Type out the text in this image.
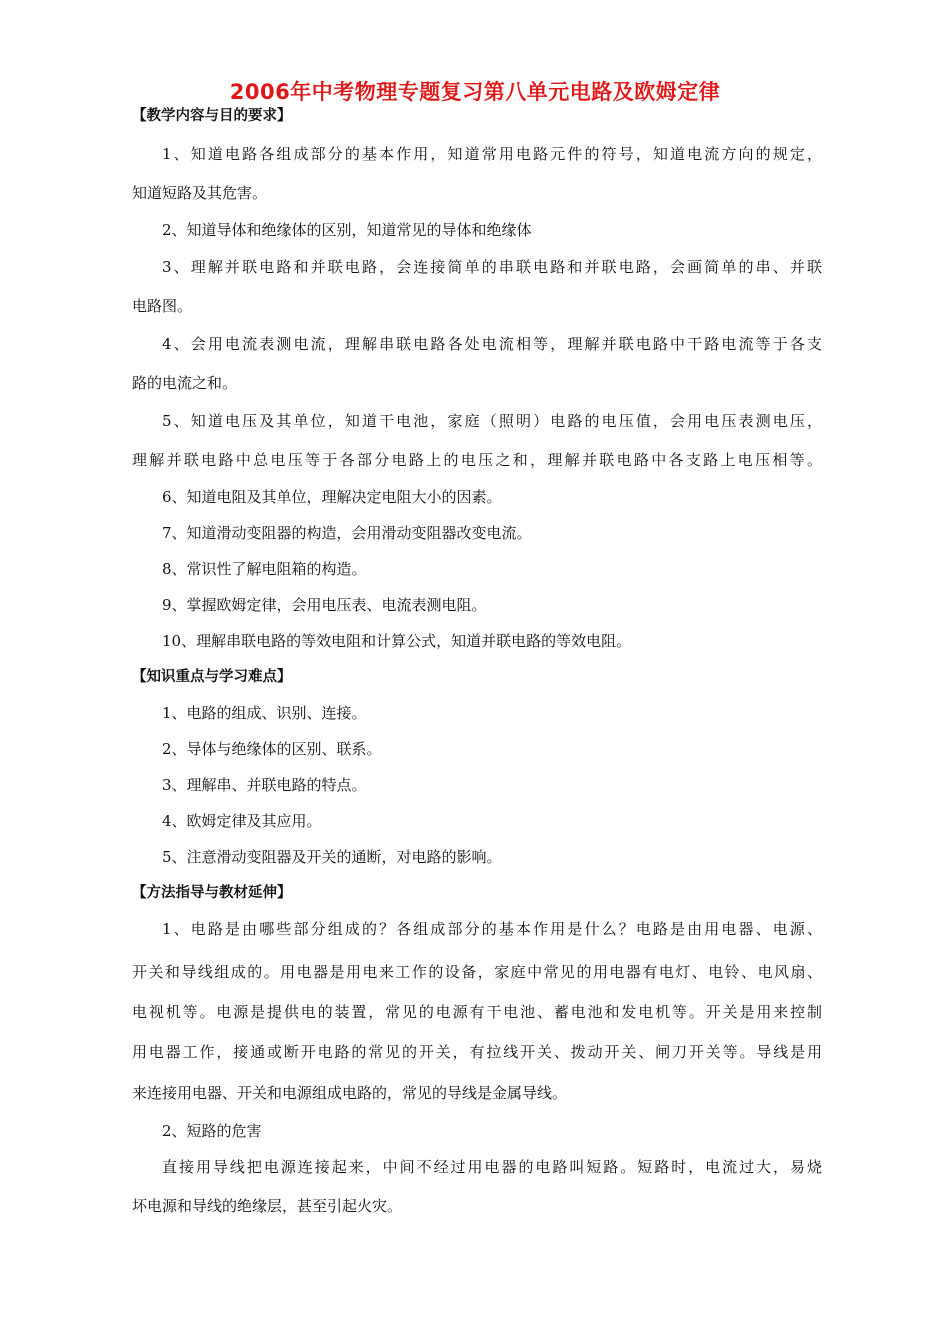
2006年中考物理专题复习第八单元电路及欧姆定律

【教学内容与目的要求】

1、知道电路各组成部分的基本作用，知道常用电路元件的符号，知道电流方向的规定，

知道短路及其危害。

2、知道导体和绝缘体的区别，知道常见的导体和绝缘体

3、理解并联电路和并联电路，会连接简单的串联电路和并联电路，会画简单的串、并联

电路图。

4、会用电流表测电流，理解串联电路各处电流相等，理解并联电路中干路电流等于各支

路的电流之和。

5、知道电压及其单位，知道干电池，家庭（照明）电路的电压值，会用电压表测电压，

理解并联电路中总电压等于各部分电路上的电压之和，理解并联电路中各支路上电压相等。

6、知道电阻及其单位，理解决定电阻大小的因素。

7、知道滑动变阻器的构造，会用滑动变阻器改变电流。

8、常识性了解电阻箱的构造。

9、掌握欧姆定律，会用电压表、电流表测电阻。

10、理解串联电路的等效电阻和计算公式，知道并联电路的等效电阻。

【知识重点与学习难点】

1、电路的组成、识别、连接。

2、导体与绝缘体的区别、联系。

3、理解串、并联电路的特点。

4、欧姆定律及其应用。

5、注意滑动变阻器及开关的通断，对电路的影响。

【方法指导与教材延伸】

1、电路是由哪些部分组成的？各组成部分的基本作用是什么？电路是由用电器、电源、

开关和导线组成的。用电器是用电来工作的设备，家庭中常见的用电器有电灯、电铃、电风扇、

电视机等。电源是提供电的装置，常见的电源有干电池、蓄电池和发电机等。开关是用来控制

用电器工作，接通或断开电路的常见的开关，有拉线开关、拨动开关、闸刀开关等。导线是用

来连接用电器、开关和电源组成电路的，常见的导线是金属导线。

2、短路的危害

直接用导线把电源连接起来，中间不经过用电器的电路叫短路。短路时，电流过大，易烧

坏电源和导线的绝缘层，甚至引起火灾。
